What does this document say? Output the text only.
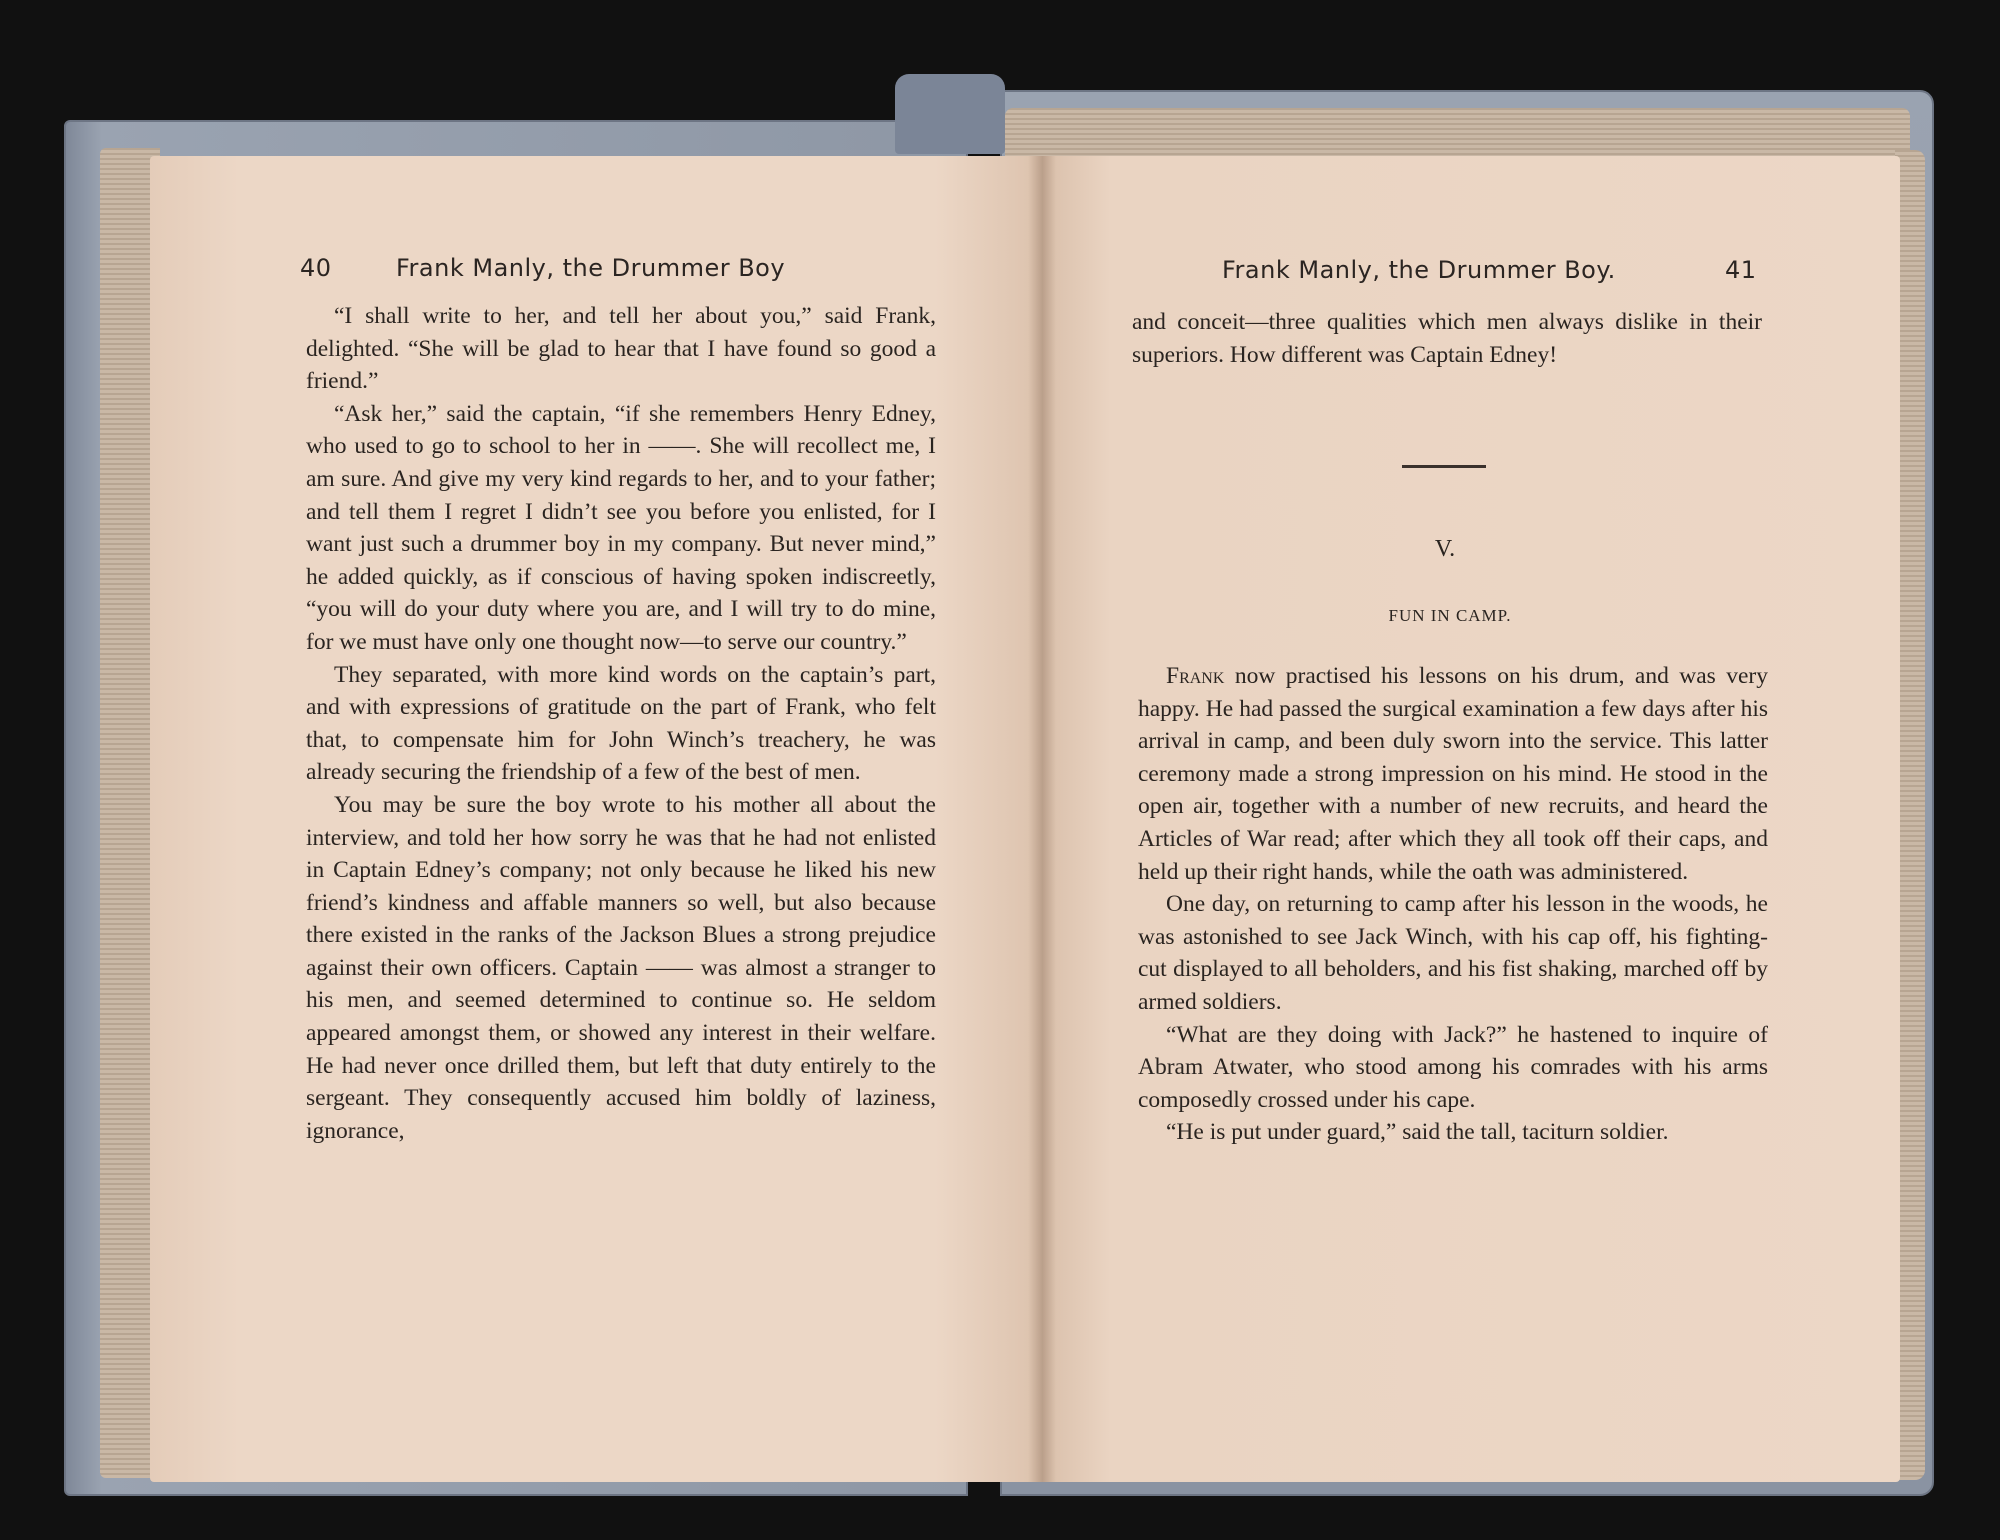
40	Frank Manly, the Drummer Boy

“I shall write to her, and tell her about you,” said Frank, delighted. “She will be glad to hear that I have found so good a friend.”

“Ask her,” said the captain, “if she remembers Henry Edney, who used to go to school to her in ——. She will recollect me, I am sure. And give my very kind regards to her, and to your father; and tell them I regret I didn’t see you before you enlisted, for I want just such a drummer boy in my company. But never mind,” he added quickly, as if conscious of having spoken indiscreetly, “you will do your duty where you are, and I will try to do mine, for we must have only one thought now—to serve our country.”

They separated, with more kind words on the captain’s part, and with expressions of gratitude on the part of Frank, who felt that, to compensate him for John Winch’s treachery, he was already securing the friendship of a few of the best of men.

You may be sure the boy wrote to his mother all about the interview, and told her how sorry he was that he had not enlisted in Captain Edney’s company; not only because he liked his new friend’s kindness and affable manners so well, but also because there existed in the ranks of the Jackson Blues a strong prejudice against their own officers. Captain —— was almost a stranger to his men, and seemed determined to continue so. He seldom appeared amongst them, or showed any interest in their welfare. He had never once drilled them, but left that duty entirely to the sergeant. They consequently accused him boldly of laziness, ignorance,

Frank Manly, the Drummer Boy.	41

and conceit—three qualities which men always dislike in their superiors. How different was Captain Edney!

V.
FUN IN CAMP.

Frank now practised his lessons on his drum, and was very happy. He had passed the surgical examination a few days after his arrival in camp, and been duly sworn into the service. This latter ceremony made a strong impression on his mind. He stood in the open air, together with a number of new recruits, and heard the Articles of War read; after which they all took off their caps, and held up their right hands, while the oath was administered.

One day, on returning to camp after his lesson in the woods, he was astonished to see Jack Winch, with his cap off, his fighting-cut displayed to all beholders, and his fist shaking, marched off by armed soldiers.

“What are they doing with Jack?” he hastened to inquire of Abram Atwater, who stood among his comrades with his arms composedly crossed under his cape.

“He is put under guard,” said the tall, taciturn soldier.
